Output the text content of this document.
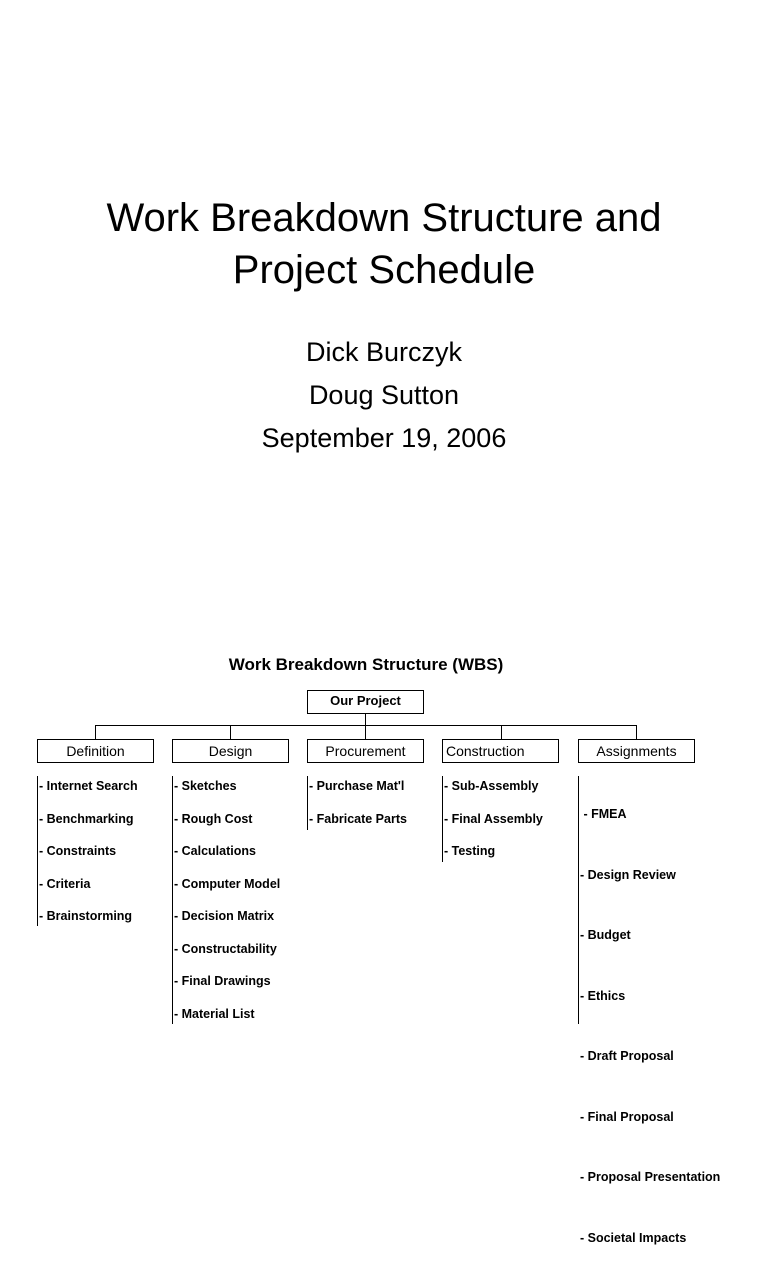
Work Breakdown Structure and
Project Schedule
Dick Burczyk
Doug Sutton
September 19, 2006
Work Breakdown Structure (WBS)
Our Project
Definition	Design	Procurement	Construction	Assignments
- Internet Search
- Benchmarking
- Constraints
- Criteria
- Brainstorming
- Sketches
- Rough Cost
- Calculations
- Computer Model
- Decision Matrix
- Constructability
- Final Drawings
- Material List
- Purchase Mat'l
- Fabricate Parts
- Sub-Assembly
- Final Assembly
- Testing

- FMEA

- Design Review

- Budget

- Ethics

- Draft Proposal

- Final Proposal

- Proposal Presentation

- Societal Impacts
